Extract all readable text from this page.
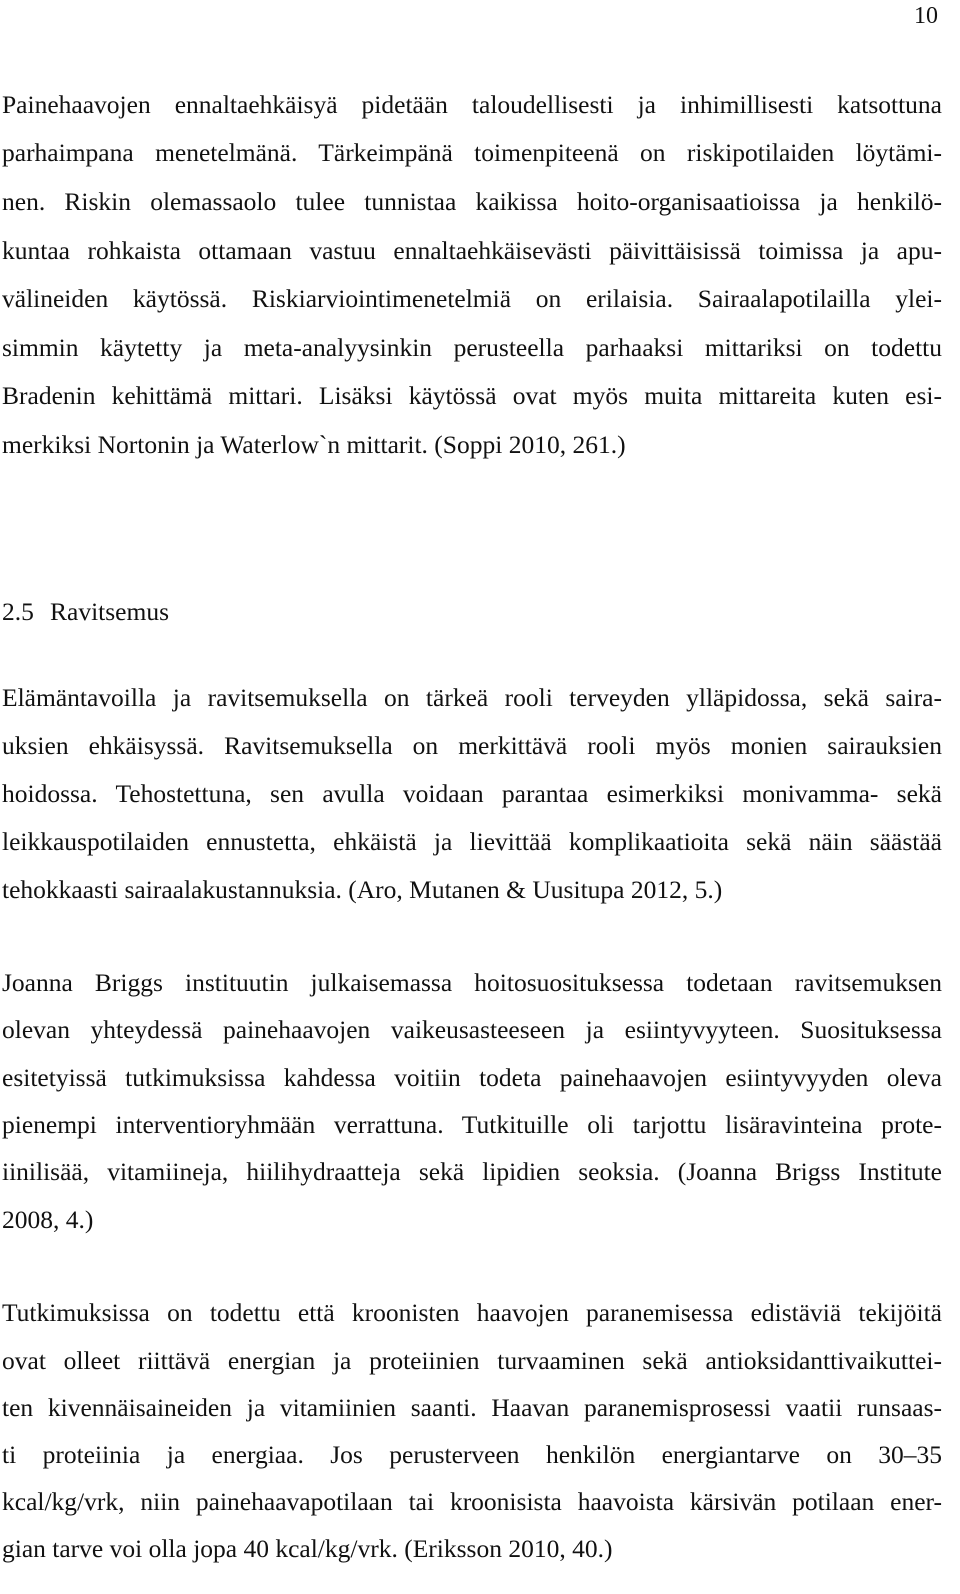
10
Painehaavojen ennaltaehkäisyä pidetään taloudellisesti ja inhimillisesti katsottuna
parhaimpana menetelmänä. Tärkeimpänä toimenpiteenä on riskipotilaiden löytämi-
nen. Riskin olemassaolo tulee tunnistaa kaikissa hoito-organisaatioissa ja henkilö-
kuntaa rohkaista ottamaan vastuu ennaltaehkäisevästi päivittäisissä toimissa ja apu-
välineiden käytössä. Riskiarviointimenetelmiä on erilaisia. Sairaalapotilailla ylei-
simmin käytetty ja meta-analyysinkin perusteella parhaaksi mittariksi on todettu
Bradenin kehittämä mittari. Lisäksi käytössä ovat myös muita mittareita kuten esi-
merkiksi Nortonin ja Waterlow`n mittarit. (Soppi 2010, 261.)
2.5 Ravitsemus
Elämäntavoilla ja ravitsemuksella on tärkeä rooli terveyden ylläpidossa, sekä saira-
uksien ehkäisyssä. Ravitsemuksella on merkittävä rooli myös monien sairauksien
hoidossa. Tehostettuna, sen avulla voidaan parantaa esimerkiksi monivamma- sekä
leikkauspotilaiden ennustetta, ehkäistä ja lievittää komplikaatioita sekä näin säästää
tehokkaasti sairaalakustannuksia. (Aro, Mutanen & Uusitupa 2012, 5.)
Joanna Briggs instituutin julkaisemassa hoitosuosituksessa todetaan ravitsemuksen
olevan yhteydessä painehaavojen vaikeusasteeseen ja esiintyvyyteen. Suosituksessa
esitetyissä tutkimuksissa kahdessa voitiin todeta painehaavojen esiintyvyyden oleva
pienempi interventioryhmään verrattuna. Tutkituille oli tarjottu lisäravinteina prote-
iinilisää, vitamiineja, hiilihydraatteja sekä lipidien seoksia. (Joanna Brigss Institute
2008, 4.)
Tutkimuksissa on todettu että kroonisten haavojen paranemisessa edistäviä tekijöitä
ovat olleet riittävä energian ja proteiinien turvaaminen sekä antioksidanttivaikuttei-
ten kivennäisaineiden ja vitamiinien saanti. Haavan paranemisprosessi vaatii runsaas-
ti proteiinia ja energiaa. Jos perusterveen henkilön energiantarve on 30–35
kcal/kg/vrk, niin painehaavapotilaan tai kroonisista haavoista kärsivän potilaan ener-
gian tarve voi olla jopa 40 kcal/kg/vrk. (Eriksson 2010, 40.)
